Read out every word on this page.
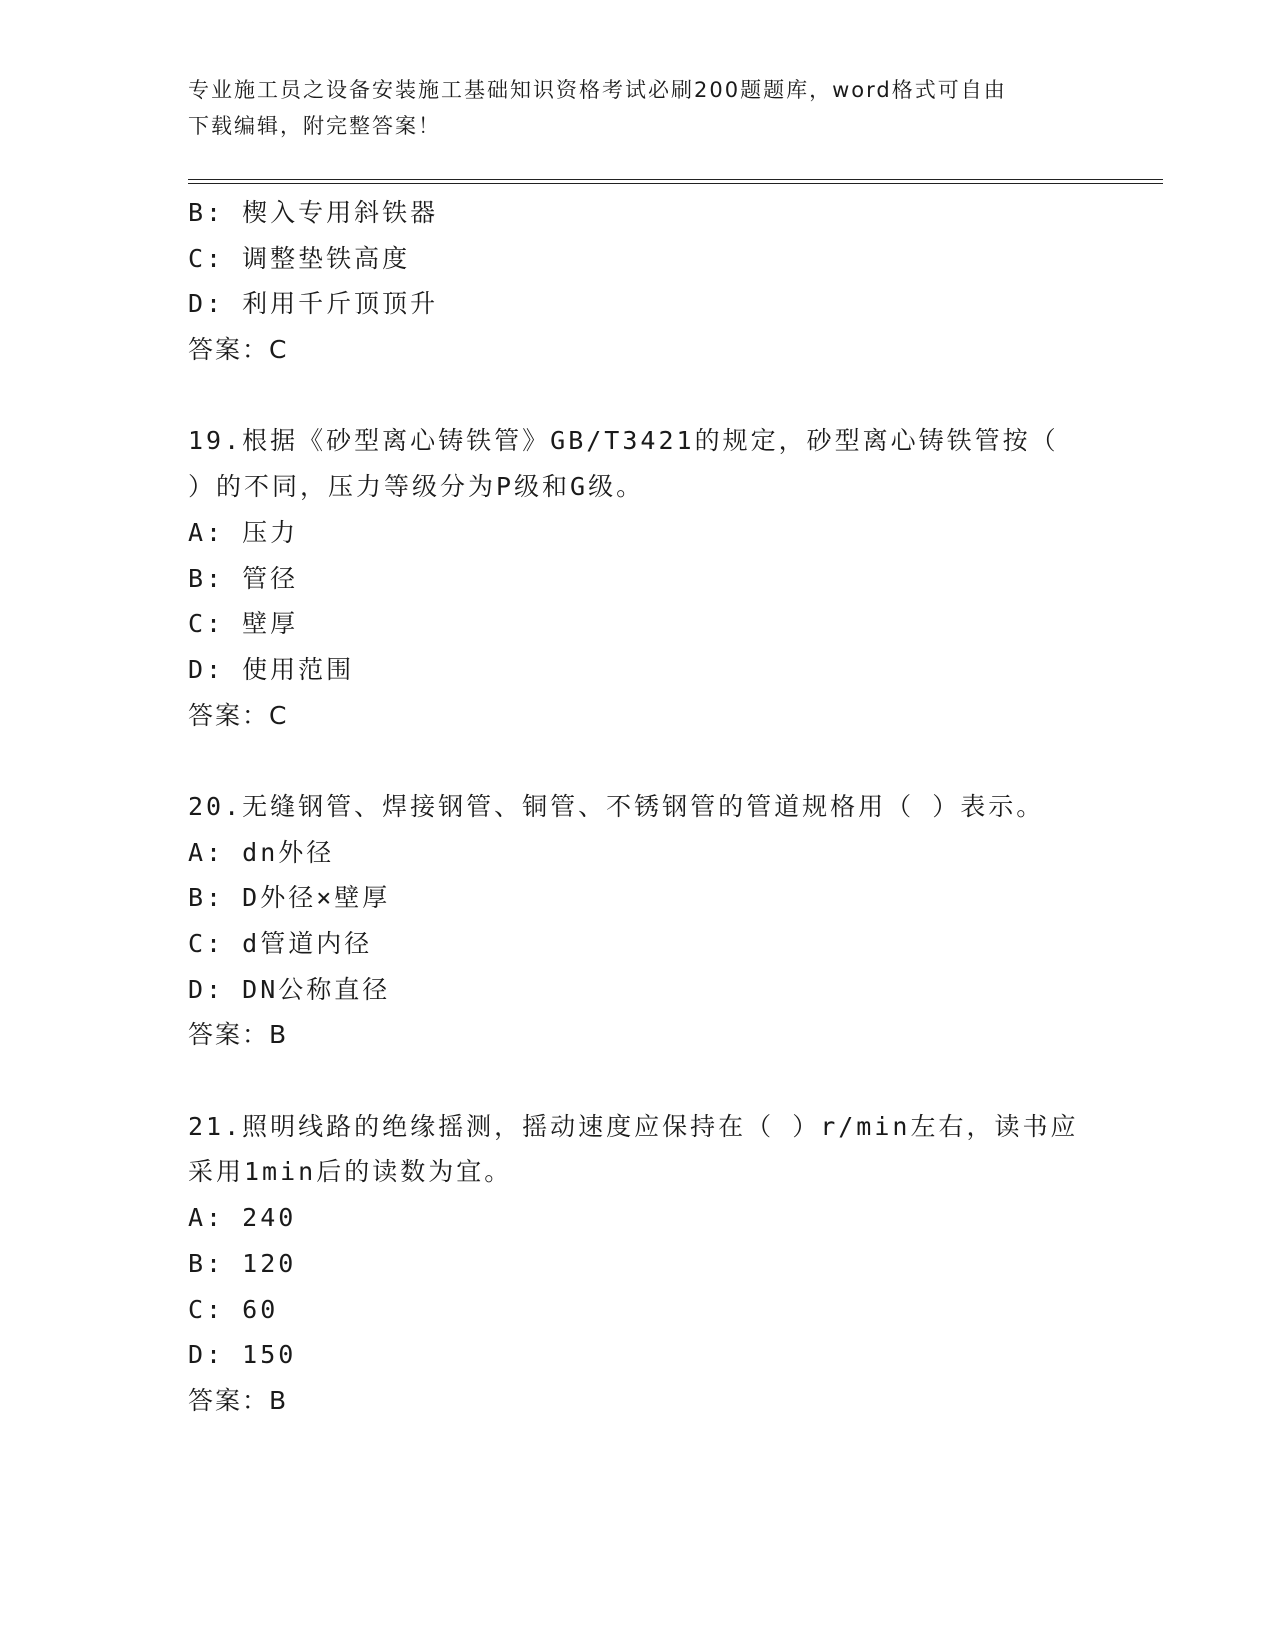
专业施工员之设备安装施工基础知识资格考试必刷200题题库，word格式可自由
下载编辑，附完整答案！
B: 楔入专用斜铁器
C: 调整垫铁高度
D: 利用千斤顶顶升
答案：C
19.根据《砂型离心铸铁管》GB/T3421的规定，砂型离心铸铁管按（
）的不同，压力等级分为P级和G级。
A: 压力
B: 管径
C: 壁厚
D: 使用范围
答案：C
20.无缝钢管、焊接钢管、铜管、不锈钢管的管道规格用（ ）表示。
A: dn外径
B: D外径×壁厚
C: d管道内径
D: DN公称直径
答案：B
21.照明线路的绝缘摇测，摇动速度应保持在（ ）r/min左右，读书应
采用1min后的读数为宜。
A: 240
B: 120
C: 60
D: 150
答案：B
